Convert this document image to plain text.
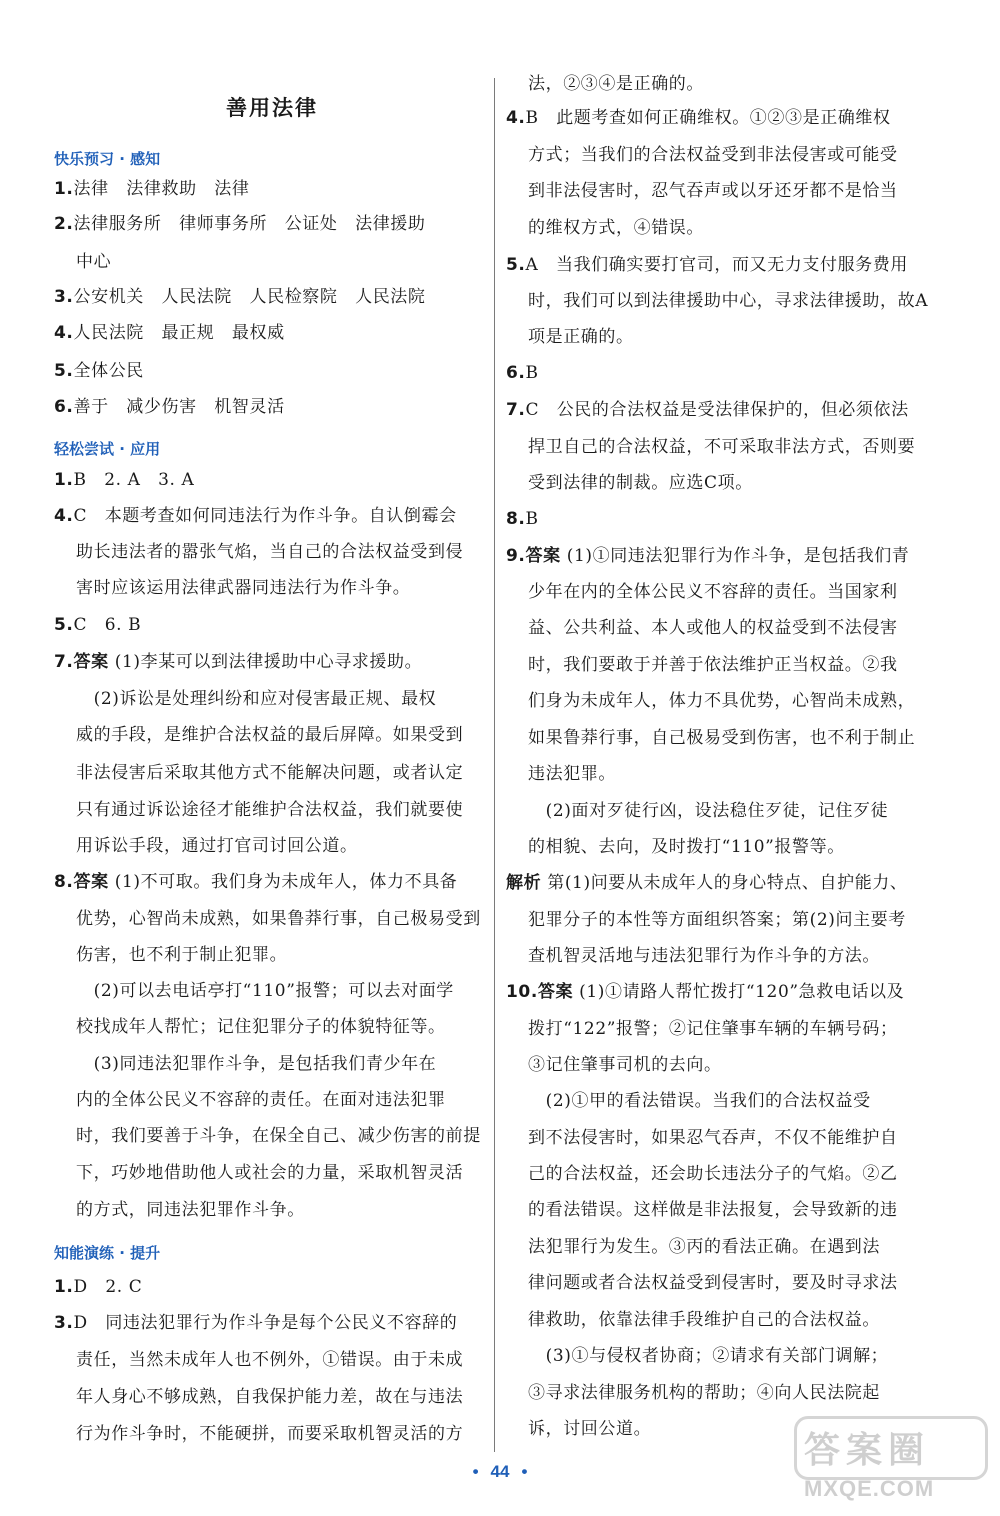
善用法律
快乐预习 · 感知
轻松尝试 · 应用
知能演练 · 提升
1.法律　法律救助　法律
2.法律服务所　律师事务所　公证处　法律援助
中心
3.公安机关　人民法院　人民检察院　人民法院
4.人民法院　最正规　最权威
5.全体公民
6.善于　减少伤害　机智灵活
1.B　2. A　3. A
4.C　本题考查如何同违法行为作斗争。自认倒霉会
助长违法者的嚣张气焰，当自己的合法权益受到侵
害时应该运用法律武器同违法行为作斗争。
5.C　6. B
7.答案 (1)李某可以到法律援助中心寻求援助。
　(2)诉讼是处理纠纷和应对侵害最正规、最权
威的手段，是维护合法权益的最后屏障。如果受到
非法侵害后采取其他方式不能解决问题，或者认定
只有通过诉讼途径才能维护合法权益，我们就要使
用诉讼手段，通过打官司讨回公道。
8.答案 (1)不可取。我们身为未成年人，体力不具备
优势，心智尚未成熟，如果鲁莽行事，自己极易受到
伤害，也不利于制止犯罪。
　(2)可以去电话亭打“110”报警；可以去对面学
校找成年人帮忙；记住犯罪分子的体貌特征等。
　(3)同违法犯罪作斗争，是包括我们青少年在
内的全体公民义不容辞的责任。在面对违法犯罪
时，我们要善于斗争，在保全自己、减少伤害的前提
下，巧妙地借助他人或社会的力量，采取机智灵活
的方式，同违法犯罪作斗争。
1.D　2. C
3.D　同违法犯罪行为作斗争是每个公民义不容辞的
责任，当然未成年人也不例外，①错误。由于未成
年人身心不够成熟，自我保护能力差，故在与违法
行为作斗争时，不能硬拼，而要采取机智灵活的方
法，②③④是正确的。
4.B　此题考查如何正确维权。①②③是正确维权
方式；当我们的合法权益受到非法侵害或可能受
到非法侵害时，忍气吞声或以牙还牙都不是恰当
的维权方式，④错误。
5.A　当我们确实要打官司，而又无力支付服务费用
时，我们可以到法律援助中心，寻求法律援助，故A
项是正确的。
6.B
7.C　公民的合法权益是受法律保护的，但必须依法
捍卫自己的合法权益，不可采取非法方式，否则要
受到法律的制裁。应选C项。
8.B
9.答案 (1)①同违法犯罪行为作斗争，是包括我们青
少年在内的全体公民义不容辞的责任。当国家利
益、公共利益、本人或他人的权益受到不法侵害
时，我们要敢于并善于依法维护正当权益。②我
们身为未成年人，体力不具优势，心智尚未成熟，
如果鲁莽行事，自己极易受到伤害，也不利于制止
违法犯罪。
　(2)面对歹徒行凶，设法稳住歹徒，记住歹徒
的相貌、去向，及时拨打“110”报警等。
解析 第(1)问要从未成年人的身心特点、自护能力、
犯罪分子的本性等方面组织答案；第(2)问主要考
查机智灵活地与违法犯罪行为作斗争的方法。
10.答案 (1)①请路人帮忙拨打“120”急救电话以及
拨打“122”报警；②记住肇事车辆的车辆号码；
③记住肇事司机的去向。
　(2)①甲的看法错误。当我们的合法权益受
到不法侵害时，如果忍气吞声，不仅不能维护自
己的合法权益，还会助长违法分子的气焰。②乙
的看法错误。这样做是非法报复，会导致新的违
法犯罪行为发生。③丙的看法正确。在遇到法
律问题或者合法权益受到侵害时，要及时寻求法
律救助，依靠法律手段维护自己的合法权益。
　(3)①与侵权者协商；②请求有关部门调解；
③寻求法律服务机构的帮助；④向人民法院起
诉，讨回公道。
• 44 •
答案圈
MXQE.COM
